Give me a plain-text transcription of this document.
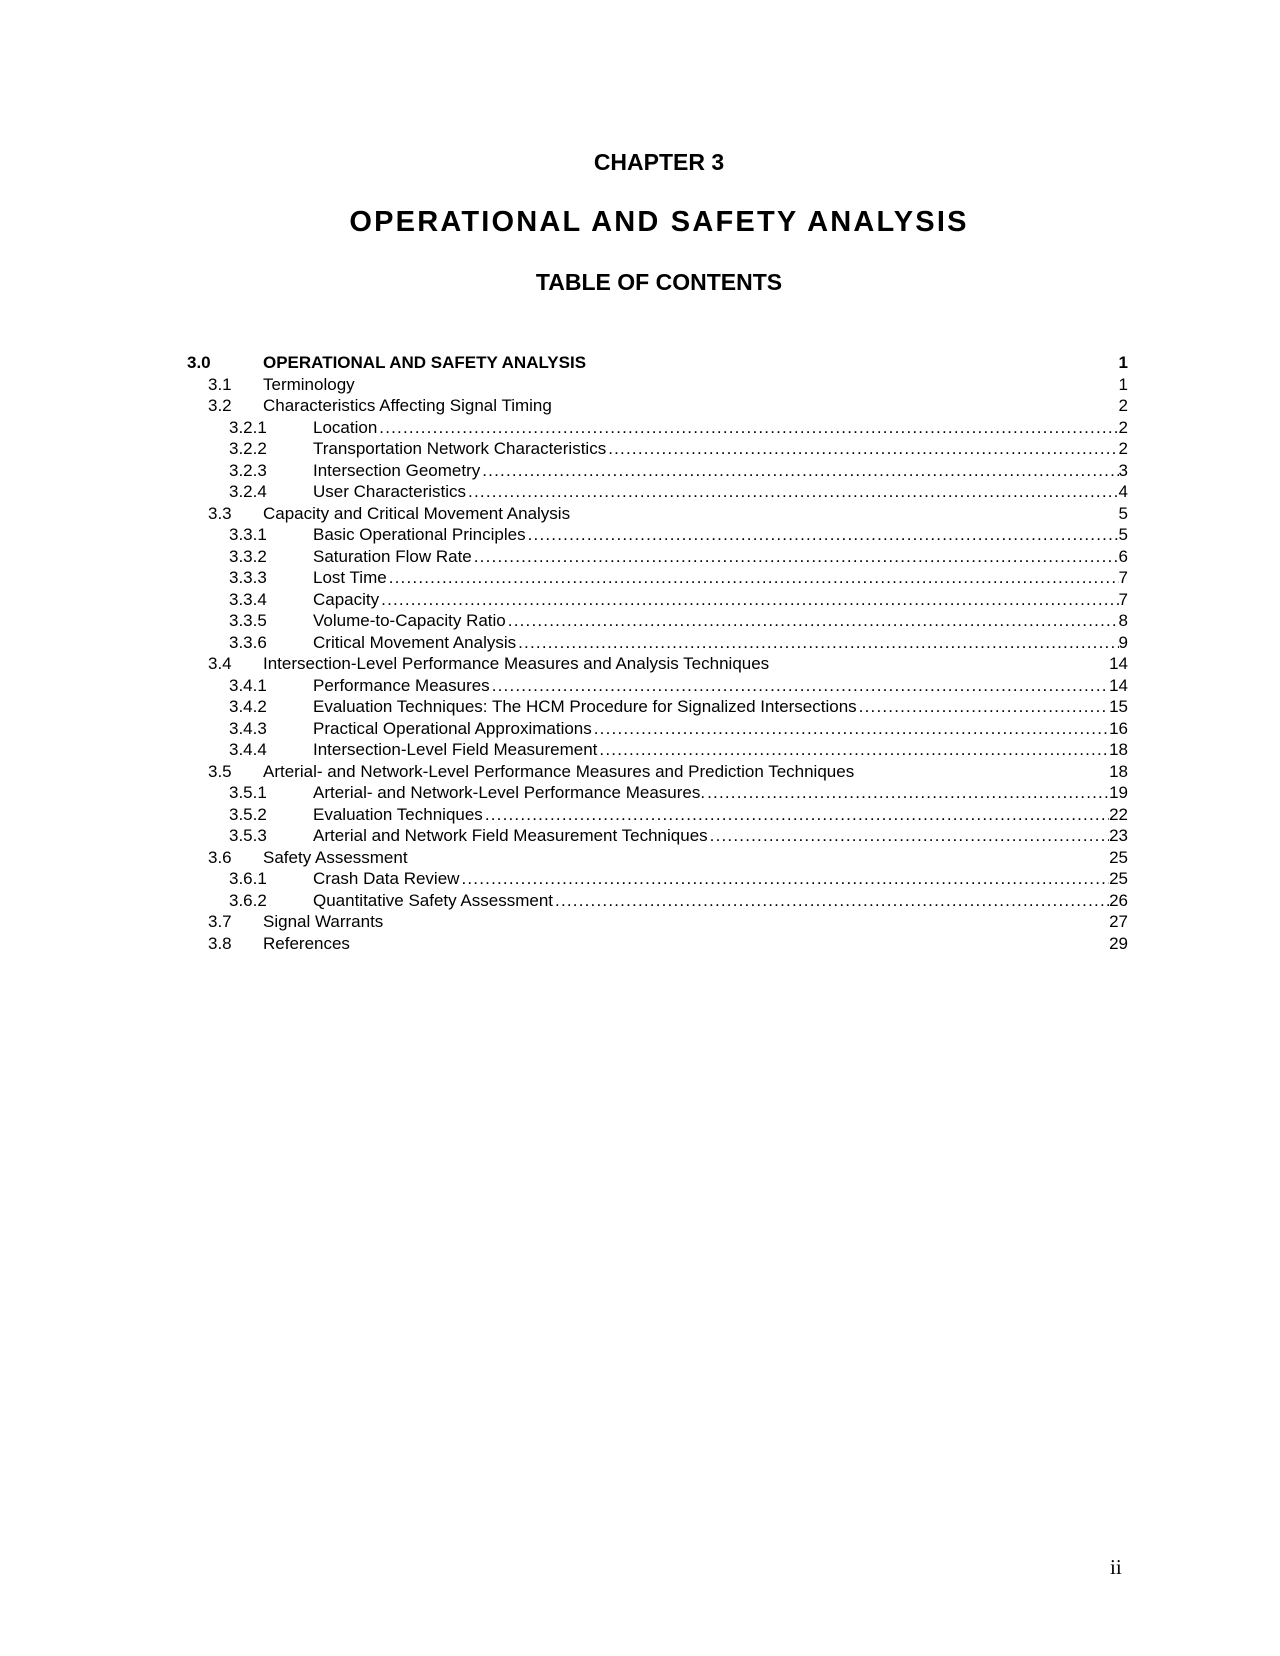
CHAPTER 3
OPERATIONAL AND SAFETY ANALYSIS
TABLE OF CONTENTS
3.0	OPERATIONAL AND SAFETY ANALYSIS	1
3.1 Terminology	1
3.2 Characteristics Affecting Signal Timing	2
3.2.1	Location .....	2
3.2.2	Transportation Network Characteristics .....	2
3.2.3	Intersection Geometry .....	3
3.2.4	User Characteristics .....	4
3.3 Capacity and Critical Movement Analysis	5
3.3.1	Basic Operational Principles .....	5
3.3.2	Saturation Flow Rate .....	6
3.3.3	Lost Time .....	7
3.3.4	Capacity .....	7
3.3.5	Volume-to-Capacity Ratio .....	8
3.3.6	Critical Movement Analysis .....	9
3.4 Intersection-Level Performance Measures and Analysis Techniques	14
3.4.1	Performance Measures .....	14
3.4.2	Evaluation Techniques: The HCM Procedure for Signalized Intersections .....	15
3.4.3	Practical Operational Approximations .....	16
3.4.4	Intersection-Level Field Measurement .....	18
3.5 Arterial- and Network-Level Performance Measures and Prediction Techniques	18
3.5.1	Arterial- and Network-Level Performance Measures. .....	19
3.5.2	Evaluation Techniques .....	22
3.5.3	Arterial and Network Field Measurement Techniques .....	23
3.6 Safety Assessment	25
3.6.1	Crash Data Review .....	25
3.6.2	Quantitative Safety Assessment .....	26
3.7 Signal Warrants	27
3.8 References	29
ii
